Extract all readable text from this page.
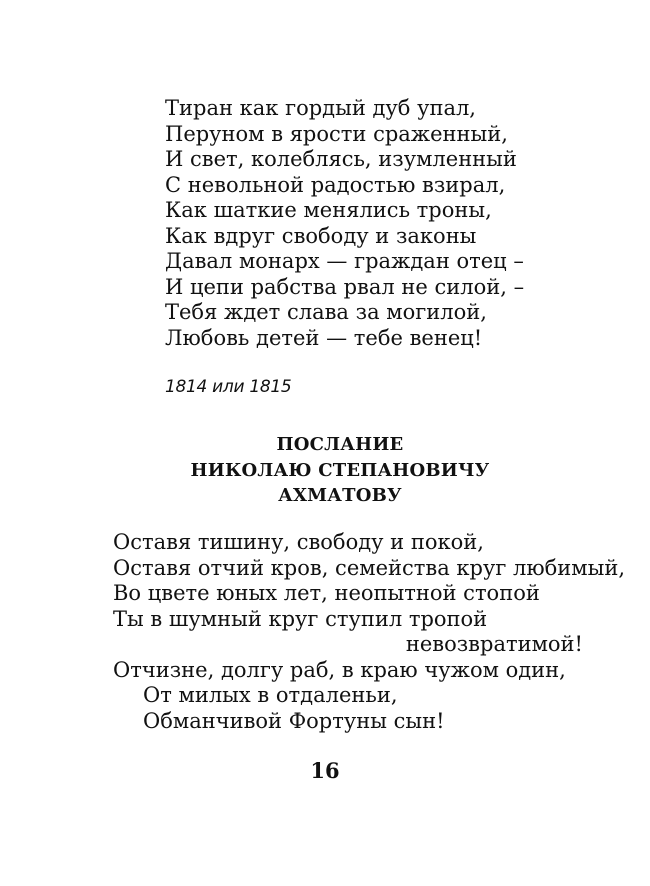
Тиран как гордый дуб упал,
Перуном в ярости сраженный,
И свет, колеблясь, изумленный
С невольной радостью взирал,
Как шаткие менялись троны,
Как вдруг свободу и законы
Давал монарх — граждан отец –
И цепи рабства рвал не силой, –
Тебя ждет слава за могилой,
Любовь детей — тебе венец!
1814 или 1815
ПОСЛАНИЕ
НИКОЛАЮ СТЕПАНОВИЧУ
АХМАТОВУ
Оставя тишину, свободу и покой,
Оставя отчий кров, семейства круг любимый,
Во цвете юных лет, неопытной стопой
Ты в шумный круг ступил тропой
невозвратимой!
Отчизне, долгу раб, в краю чужом один,
От милых в отдаленьи,
Обманчивой Фортуны сын!
16
